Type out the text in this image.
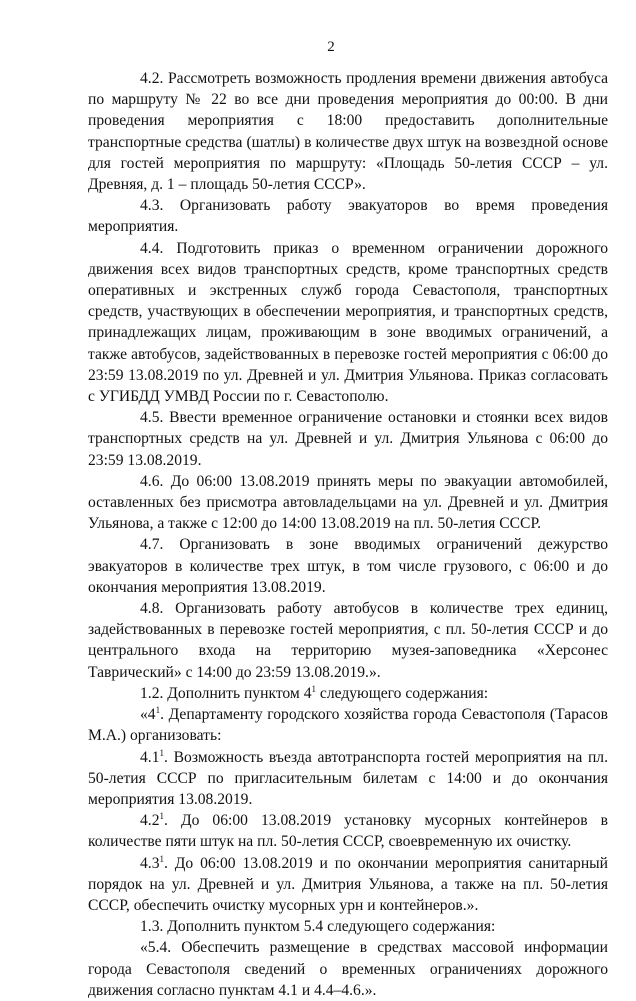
2

4.2. Рассмотреть возможность продления времени движения автобуса по маршруту № 22 во все дни проведения мероприятия до 00:00. В дни проведения мероприятия с 18:00 предоставить дополнительные транспортные средства (шатлы) в количестве двух штук на возвездной основе для гостей мероприятия по маршруту: «Площадь 50-летия СССР – ул. Древняя, д. 1 – площадь 50-летия СССР».

4.3. Организовать работу эвакуаторов во время проведения мероприятия.

4.4. Подготовить приказ о временном ограничении дорожного движения всех видов транспортных средств, кроме транспортных средств оперативных и экстренных служб города Севастополя, транспортных средств, участвующих в обеспечении мероприятия, и транспортных средств, принадлежащих лицам, проживающим в зоне вводимых ограничений, а также автобусов, задействованных в перевозке гостей мероприятия с 06:00 до 23:59 13.08.2019 по ул. Древней и ул. Дмитрия Ульянова. Приказ согласовать с УГИБДД УМВД России по г. Севастополю.

4.5. Ввести временное ограничение остановки и стоянки всех видов транспортных средств на ул. Древней и ул. Дмитрия Ульянова с 06:00 до 23:59 13.08.2019.

4.6. До 06:00 13.08.2019 принять меры по эвакуации автомобилей, оставленных без присмотра автовладельцами на ул. Древней и ул. Дмитрия Ульянова, а также с 12:00 до 14:00 13.08.2019 на пл. 50-летия СССР.

4.7. Организовать в зоне вводимых ограничений дежурство эвакуаторов в количестве трех штук, в том числе грузового, с 06:00 и до окончания мероприятия 13.08.2019.

4.8. Организовать работу автобусов в количестве трех единиц, задействованных в перевозке гостей мероприятия, с пл. 50-летия СССР и до центрального входа на территорию музея-заповедника «Херсонес Таврический» с 14:00 до 23:59 13.08.2019.».

1.2. Дополнить пунктом $4^1$ следующего содержания:

«$4^1$. Департаменту городского хозяйства города Севастополя (Тарасов М.А.) организовать:

$4.1^1$. Возможность въезда автотранспорта гостей мероприятия на пл. 50-летия СССР по пригласительным билетам с 14:00 и до окончания мероприятия 13.08.2019.

$4.2^1$. До 06:00 13.08.2019 установку мусорных контейнеров в количестве пяти штук на пл. 50-летия СССР, своевременную их очистку.

$4.3^1$. До 06:00 13.08.2019 и по окончании мероприятия санитарный порядок на ул. Древней и ул. Дмитрия Ульянова, а также на пл. 50-летия СССР, обеспечить очистку мусорных урн и контейнеров.».

1.3. Дополнить пунктом 5.4 следующего содержания:

«5.4. Обеспечить размещение в средствах массовой информации города Севастополя сведений о временных ограничениях дорожного движения согласно пунктам 4.1 и 4.4–4.6.».
